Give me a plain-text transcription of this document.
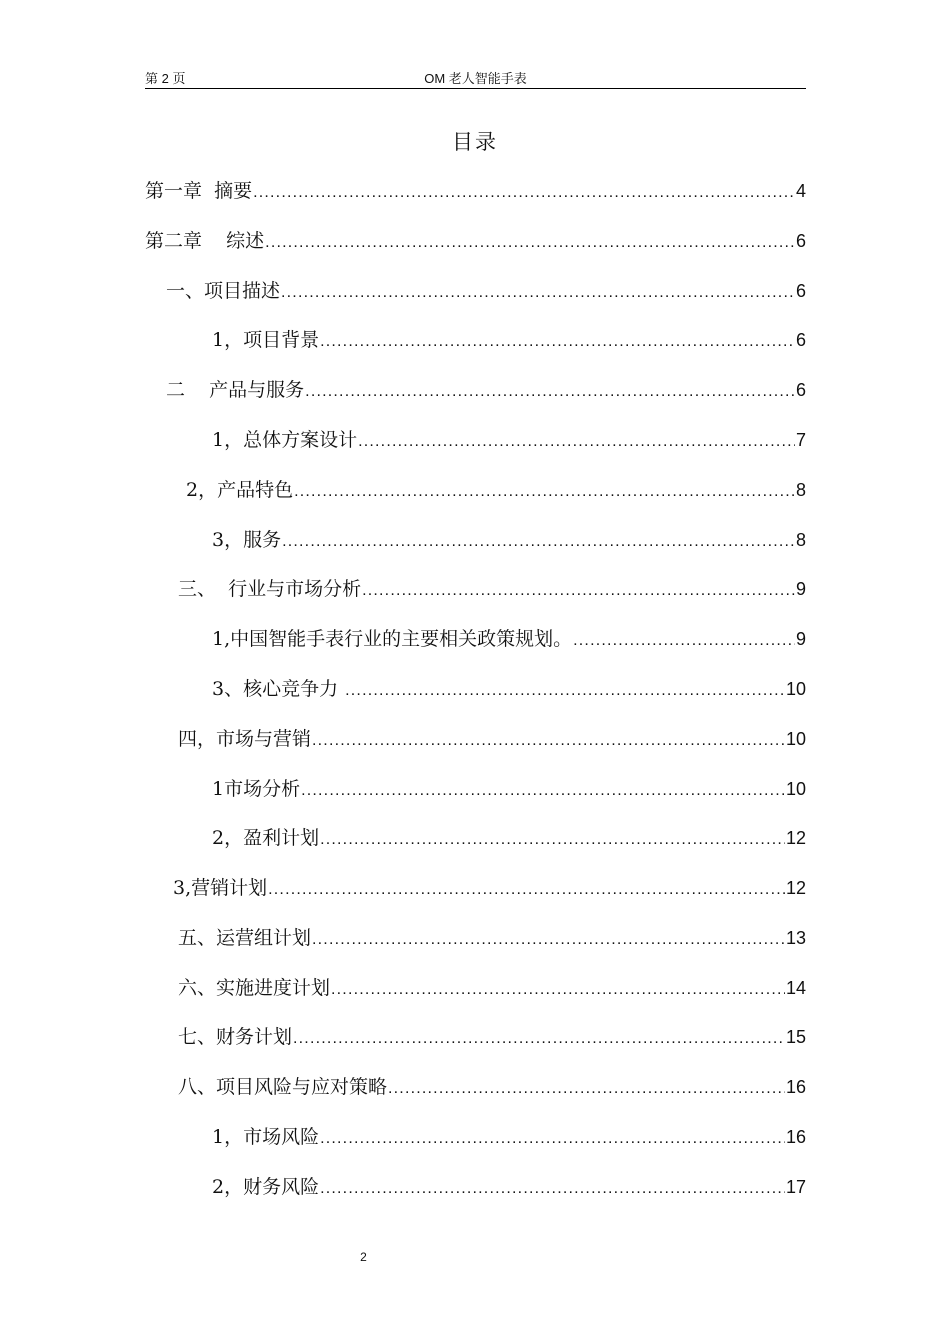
第 2 页	OM 老人智能手表
目录
第一章  摘要 .....	4
第二章    综述 .....	6
一、项目描述 .....	6
1，项目背景 .....	6
二    产品与服务 .....	6
1，总体方案设计 .....	7
2，产品特色 .....	8
3，服务 .....	8
三、  行业与市场分析 .....	9
1,中国智能手表行业的主要相关政策规划。 .....	9
3、核心竞争力 .....	10
四，市场与营销 .....	10
1市场分析 .....	10
2，盈利计划 .....	12
3,营销计划 .....	12
五、运营组计划 .....	13
六、实施进度计划 .....	14
七、财务计划 .....	15
八、项目风险与应对策略 .....	16
1，市场风险 .....	16
2，财务风险 .....	17
2
